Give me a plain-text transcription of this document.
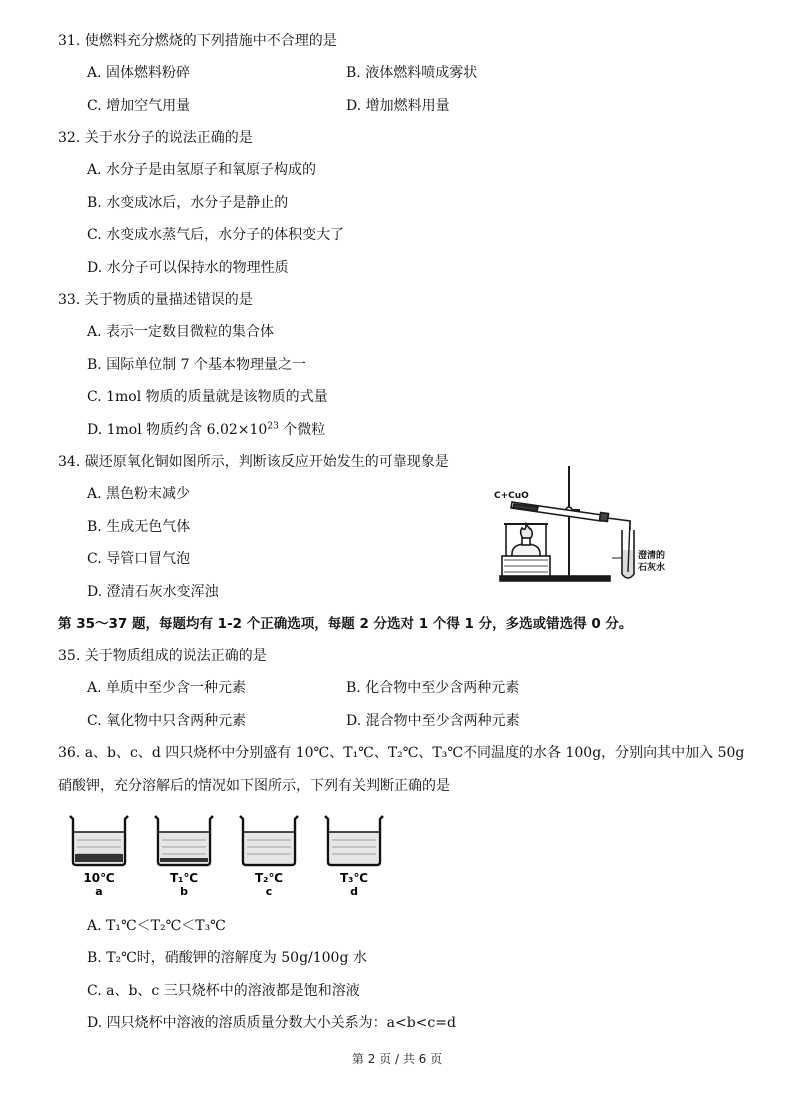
31. 使燃料充分燃烧的下列措施中不合理的是
A. 固体燃料粉碎	B. 液体燃料喷成雾状
C. 增加空气用量	D. 增加燃料用量
32. 关于水分子的说法正确的是
A. 水分子是由氢原子和氧原子构成的
B. 水变成冰后，水分子是静止的
C. 水变成水蒸气后，水分子的体积变大了
D. 水分子可以保持水的物理性质
33. 关于物质的量描述错误的是
A. 表示一定数目微粒的集合体
B. 国际单位制 7 个基本物理量之一
C. 1mol 物质的质量就是该物质的式量
D. 1mol 物质约含 $6.02\times 10^{23}$ 个微粒
34. 碳还原氧化铜如图所示，判断该反应开始发生的可靠现象是
A. 黑色粉末减少
B. 生成无色气体
C. 导管口冒气泡
D. 澄清石灰水变浑浊
C+CuO
澄清的
石灰水
第 35～37 题，每题均有 1-2 个正确选项，每题 2 分选对 1 个得 1 分，多选或错选得 0 分。
35. 关于物质组成的说法正确的是
A. 单质中至少含一种元素	B. 化合物中至少含两种元素
C. 氧化物中只含两种元素	D. 混合物中至少含两种元素
36. a、b、c、d 四只烧杯中分别盛有 10℃、T₁℃、T₂℃、T₃℃不同温度的水各 100g，分别向其中加入 50g
硝酸钾，充分溶解后的情况如下图所示，下列有关判断正确的是
10℃
a
T₁℃
b
T₂℃
c
T₃℃
d
A. T₁℃＜T₂℃＜T₃℃
B. T₂℃时，硝酸钾的溶解度为 50g/100g 水
C. a、b、c 三只烧杯中的溶液都是饱和溶液
D. 四只烧杯中溶液的溶质质量分数大小关系为：a<b<c=d
第 2 页 / 共 6 页
